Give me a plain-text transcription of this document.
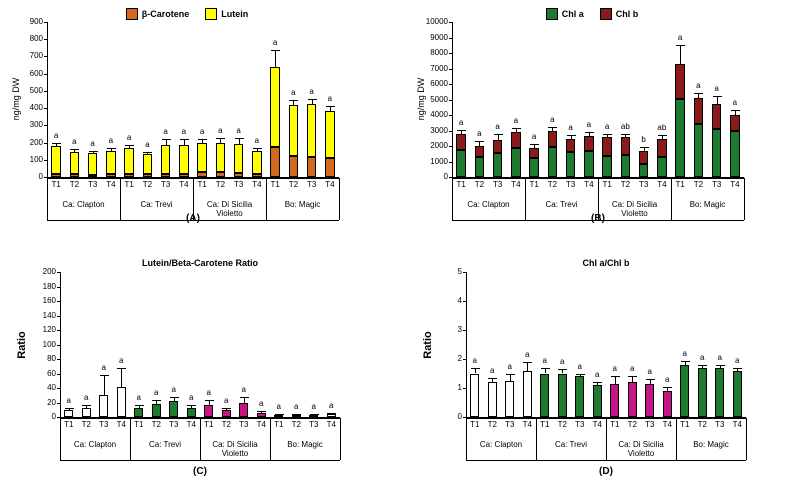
0
100
200
300
400
500
600
700
800
900
ng/mg DW
β-Carotene	Lutein
a
T1
a
T2
a
T3
a
T4
a
T1
a
T2
a
T3
a
T4
a
T1
a
T2
a
T3
a
T4
a
T1
a
T2
a
T3
a
T4
Ca: Clapton	Ca: Trevi	Ca: Di Sicilia Violetto
Bo: Magic
(A)
0
1000
2000
3000
4000
5000
6000
7000
8000
9000
10000
ng/mg DW
Chl a	Chl b
a
T1
a
T2
a
T3
a
T4
a
T1
a
T2
a
T3
a
T4
a
T1
ab
T2
b
T3
ab
T4
a
T1
a
T2
a
T3
a
T4
Ca: Clapton	Ca: Trevi	Ca: Di Sicilia Violetto
Bo: Magic
(B)
0
20
40
60
80
100
120
140
160
180
200
Ratio
Lutein/Beta-Carotene Ratio
a
T1
a
T2
a
T3
a
T4
a
T1
a
T2
a
T3
a
T4
a
T1
a
T2
a
T3
a
T4
a
T1
a
T2
a
T3
a
T4
Ca: Clapton	Ca: Trevi	Ca: Di Sicilia Violetto
Bo: Magic
(C)
0
1
2
3
4
5
Ratio
Chl a/Chl b
a
T1
a
T2
a
T3
a
T4
a
T1
a
T2
a
T3
a
T4
a
T1
a
T2
a
T3
a
T4
a
T1
a
T2
a
T3
a
T4
Ca: Clapton	Ca: Trevi	Ca: Di Sicilia Violetto
Bo: Magic
(D)
